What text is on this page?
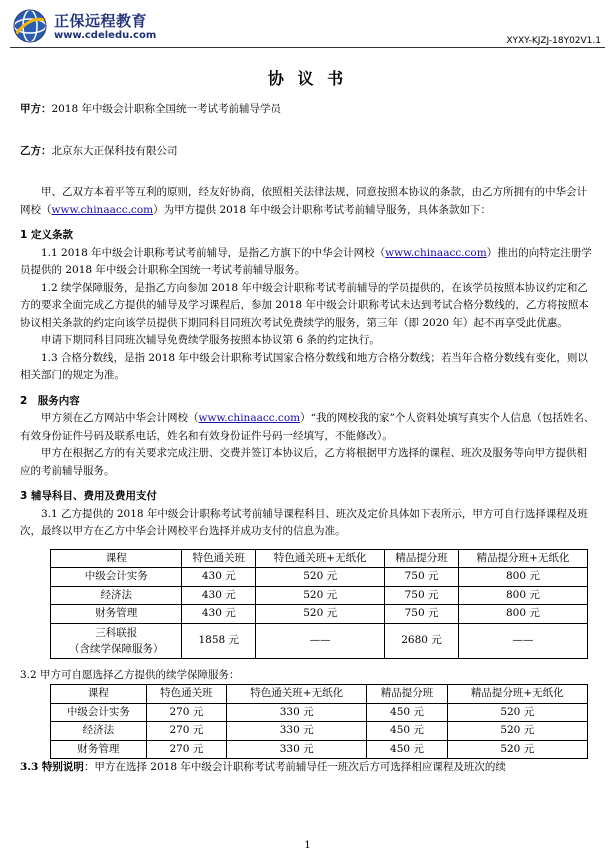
正保远程教育
www.cdeledu.com	XYXY-KJZJ-18Y02V1.1
协 议 书

甲方：2018 年中级会计职称全国统一考试考前辅导学员

乙方：北京东大正保科技有限公司

甲、乙双方本着平等互利的原则，经友好协商，依照相关法律法规，同意按照本协议的条款，由乙方所拥有的中华会计网校（www.chinaacc.com）为甲方提供 2018 年中级会计职称考试考前辅导服务，具体条款如下：

1 定义条款

1.1 2018 年中级会计职称考试考前辅导，是指乙方旗下的中华会计网校（www.chinaacc.com）推出的向特定注册学员提供的 2018 年中级会计职称全国统一考试考前辅导服务。

1.2 续学保障服务，是指乙方向参加 2018 年中级会计职称考试考前辅导的学员提供的，在该学员按照本协议约定和乙方的要求全面完成乙方提供的辅导及学习课程后，参加 2018 年中级会计职称考试未达到考试合格分数线的，乙方将按照本协议相关条款的约定向该学员提供下期同科目同班次考试免费续学的服务，第三年（即 2020 年）起不再享受此优惠。

申请下期同科目同班次辅导免费续学服务按照本协议第 6 条的约定执行。

1.3 合格分数线，是指 2018 年中级会计职称考试国家合格分数线和地方合格分数线；若当年合格分数线有变化，则以相关部门的规定为准。

2　服务内容

甲方须在乙方网站中华会计网校（www.chinaacc.com）“我的网校我的家”个人资料处填写真实个人信息（包括姓名、有效身份证件号码及联系电话，姓名和有效身份证件号码一经填写，不能修改）。

甲方在根据乙方的有关要求完成注册、交费并签订本协议后，乙方将根据甲方选择的课程、班次及服务等向甲方提供相应的考前辅导服务。

3 辅导科目、费用及费用支付

3.1 乙方提供的 2018 年中级会计职称考试考前辅导课程科目、班次及定价具体如下表所示，甲方可自行选择课程及班次，最终以甲方在乙方中华会计网校平台选择并成功支付的信息为准。

课程	特色通关班	特色通关班+无纸化	精品提分班	精品提分班+无纸化
中级会计实务	430 元	520 元	750 元	800 元
经济法	430 元	520 元	750 元	800 元
财务管理	430 元	520 元	750 元	800 元

三科联报
（含续学保障服务）	1858 元	——	2680 元	——

3.2 甲方可自愿选择乙方提供的续学保障服务：

课程	特色通关班	特色通关班+无纸化	精品提分班	精品提分班+无纸化
中级会计实务	270 元	330 元	450 元	520 元
经济法	270 元	330 元	450 元	520 元
财务管理	270 元	330 元	450 元	520 元

3.3 特别说明：甲方在选择 2018 年中级会计职称考试考前辅导任一班次后方可选择相应课程及班次的续

1
